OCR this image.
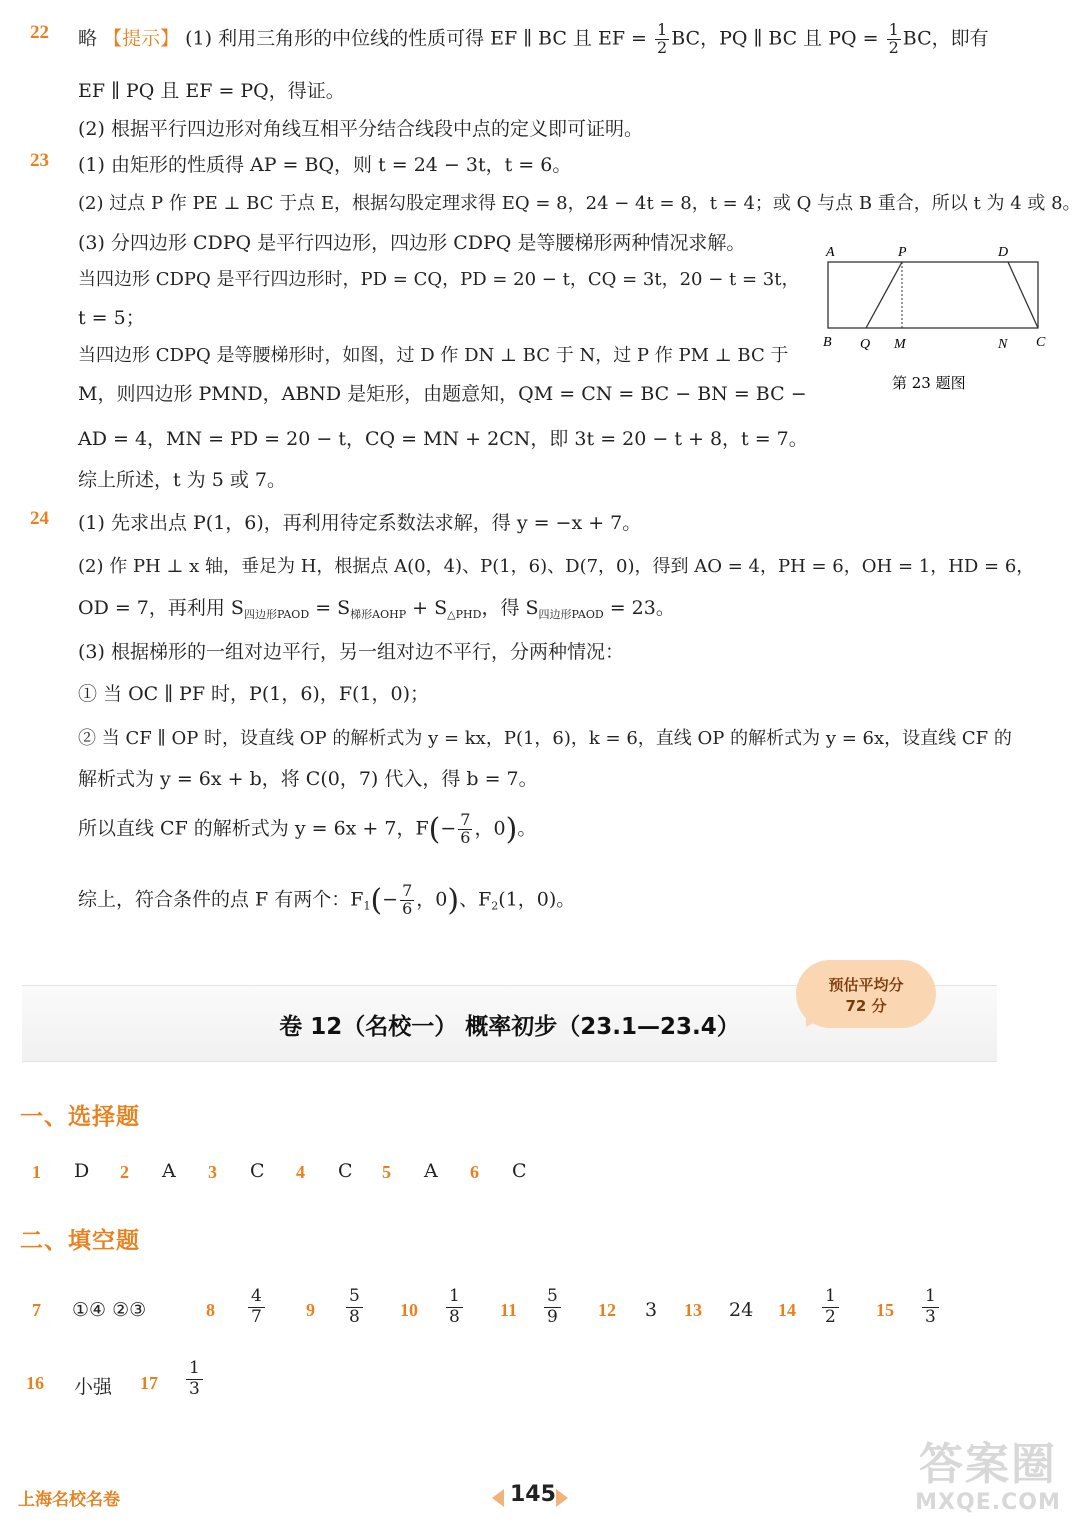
22 略 【提示】 (1) 利用三角形的中位线的性质可得 EF ∥ BC 且 EF = $\frac{1}{2}$ BC，PQ ∥ BC 且 PQ = $\frac{1}{2}$ BC，即有
EF ∥ PQ 且 EF = PQ，得证。
(2) 根据平行四边形对角线互相平分结合线段中点的定义即可证明。
23 (1) 由矩形的性质得 AP = BQ，则 t = 24 − 3t，t = 6。
(2) 过点 P 作 PE ⊥ BC 于点 E，根据勾股定理求得 EQ = 8，24 − 4t = 8，t = 4；或 Q 与点 B 重合，所以 t 为 4 或 8。
(3) 分四边形 CDPQ 是平行四边形，四边形 CDPQ 是等腰梯形两种情况求解。
当四边形 CDPQ 是平行四边形时，PD = CQ，PD = 20 − t，CQ = 3t，20 − t = 3t，
t = 5；
当四边形 CDPQ 是等腰梯形时，如图，过 D 作 DN ⊥ BC 于 N，过 P 作 PM ⊥ BC 于
M，则四边形 PMND，ABND 是矩形，由题意知，QM = CN = BC − BN = BC −
AD = 4，MN = PD = 20 − t，CQ = MN + 2CN，即 3t = 20 − t + 8，t = 7。
综上所述，t 为 5 或 7。
A	P	D
B Q M	N C
第 23 题图
24 (1) 先求出点 P(1，6)，再利用待定系数法求解，得 y = −x + 7。
(2) 作 PH ⊥ x 轴，垂足为 H，根据点 A(0，4)、P(1，6)、D(7，0)，得到 AO = 4，PH = 6，OH = 1，HD = 6，
OD = 7，再利用 $S_{四边形PAOD} = S_{梯形AOHP} + S_{\triangle PHD}$，得 $S_{四边形PAOD} = 23$。
(3) 根据梯形的一组对边平行，另一组对边不平行，分两种情况：
① 当 OC ∥ PF 时，P(1，6)，F(1，0)；
② 当 CF ∥ OP 时，设直线 OP 的解析式为 y = kx，P(1，6)，k = 6，直线 OP 的解析式为 y = 6x，设直线 CF 的
解析式为 y = 6x + b，将 C(0，7) 代入，得 b = 7。
所以直线 CF 的解析式为 y = 6x + 7，$F(- \frac{7}{6}$ ，0)。
综上，符合条件的点 F 有两个：$F_1(- \frac{7}{6}$ ，0)、$F_2(1$，0)。
卷 12（名校一） 概率初步（23.1—23.4）
预估平均分
72 分
一、选择题
1 D 2 A 3 C 4 C 5 A 6 C
二、填空题
7 ①④ ②③	$8 \frac{4}{7} 9 \frac{5}{8} 10 \frac{1}{8} 11 \frac{5}{9} 12$ 3 13 24 $14 \frac{1}{2} 15 \frac{1}{3}$
16 小强 $17 \frac{1}{3}$
上海名校名卷	145
答案圈
MXQE.COM
